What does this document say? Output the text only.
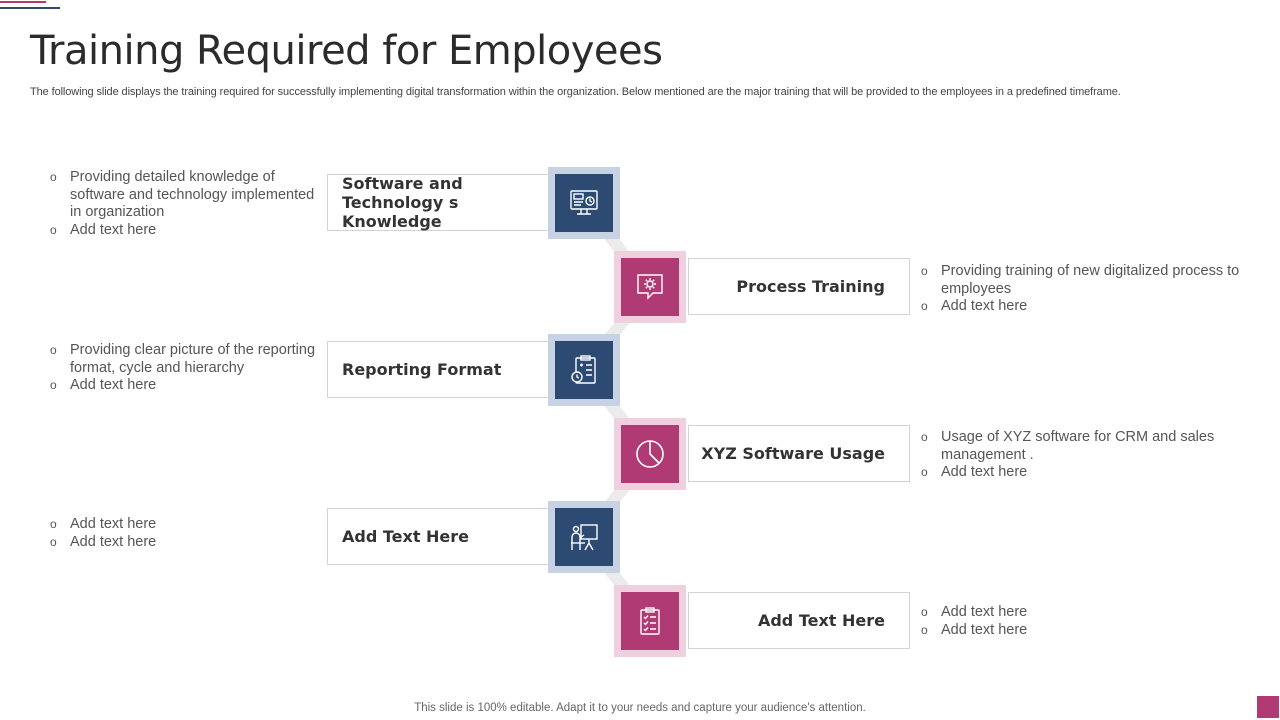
Training Required for Employees

The following slide displays the training required for successfully implementing digital transformation within the organization. Below mentioned are the major training that will be provided to the employees in a predefined timeframe.

Software and Technology s Knowledge
o Providing detailed knowledge of software and technology implemented in organization
o Add text here
Process Training
o Providing training of new digitalized process to employees
o Add text here
Reporting Format
o Providing clear picture of the reporting format, cycle and hierarchy
o Add text here
XYZ Software Usage
o Usage of XYZ software for CRM and sales management .
o Add text here
Add Text Here
o Add text here
o Add text here
Add Text Here
o	Add text here
o Add text here
This slide is 100% editable. Adapt it to your needs and capture your audience's attention.
